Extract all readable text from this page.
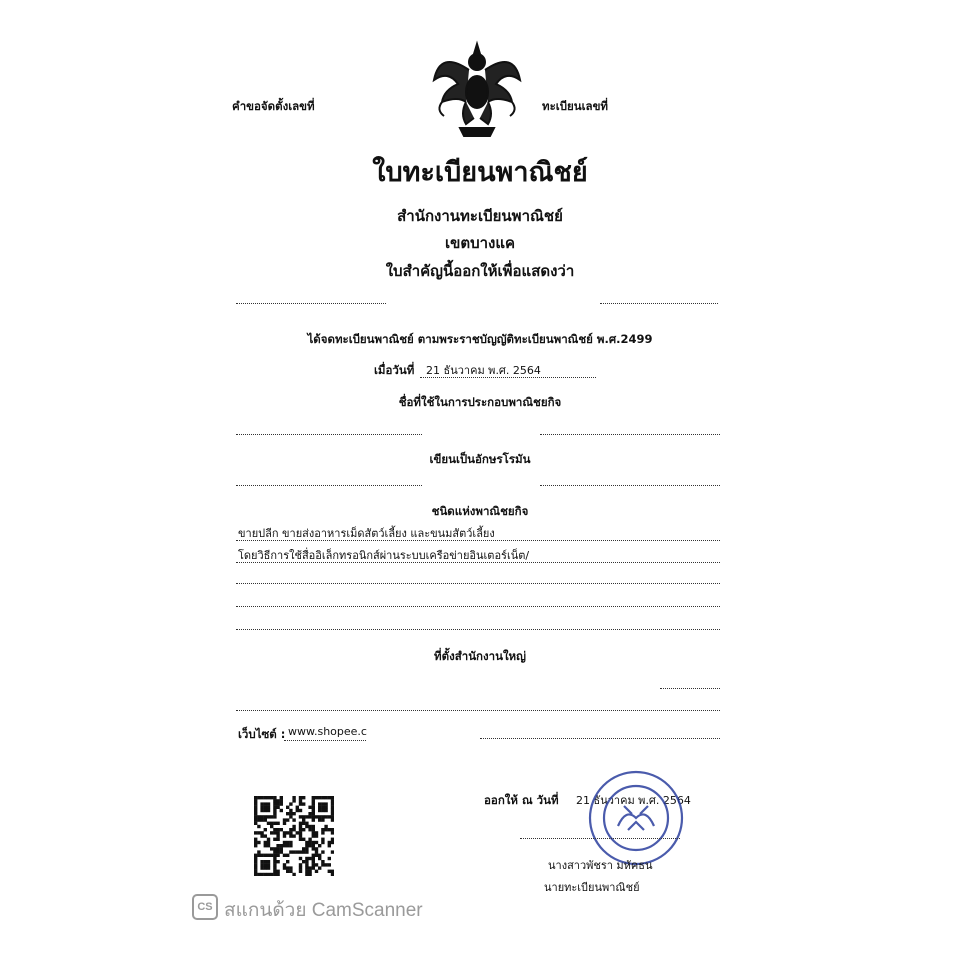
คำขอจัดตั้งเลขที่	ทะเบียนเลขที่
ใบทะเบียนพาณิชย์
สำนักงานทะเบียนพาณิชย์
เขตบางแค
ใบสำคัญนี้ออกให้เพื่อแสดงว่า
ได้จดทะเบียนพาณิชย์ ตามพระราชบัญญัติทะเบียนพาณิชย์ พ.ศ.2499
เมื่อวันที่ 21 ธันวาคม พ.ศ. 2564
ชื่อที่ใช้ในการประกอบพาณิชยกิจ
เขียนเป็นอักษรโรมัน
ชนิดแห่งพาณิชยกิจ
ขายปลีก ขายส่งอาหารเม็ดสัตว์เลี้ยง และขนมสัตว์เลี้ยง
โดยวิธีการใช้สื่ออิเล็กทรอนิกส์ผ่านระบบเครือข่ายอินเตอร์เน็ต/
ที่ตั้งสำนักงานใหญ่
เว็บไซต์ : www.shopee.c
ออกให้ ณ วันที่ 21 ธันวาคม พ.ศ. 2564
นางสาวพัชรา มหัคธน
นายทะเบียนพาณิชย์
CS สแกนด้วย CamScanner
